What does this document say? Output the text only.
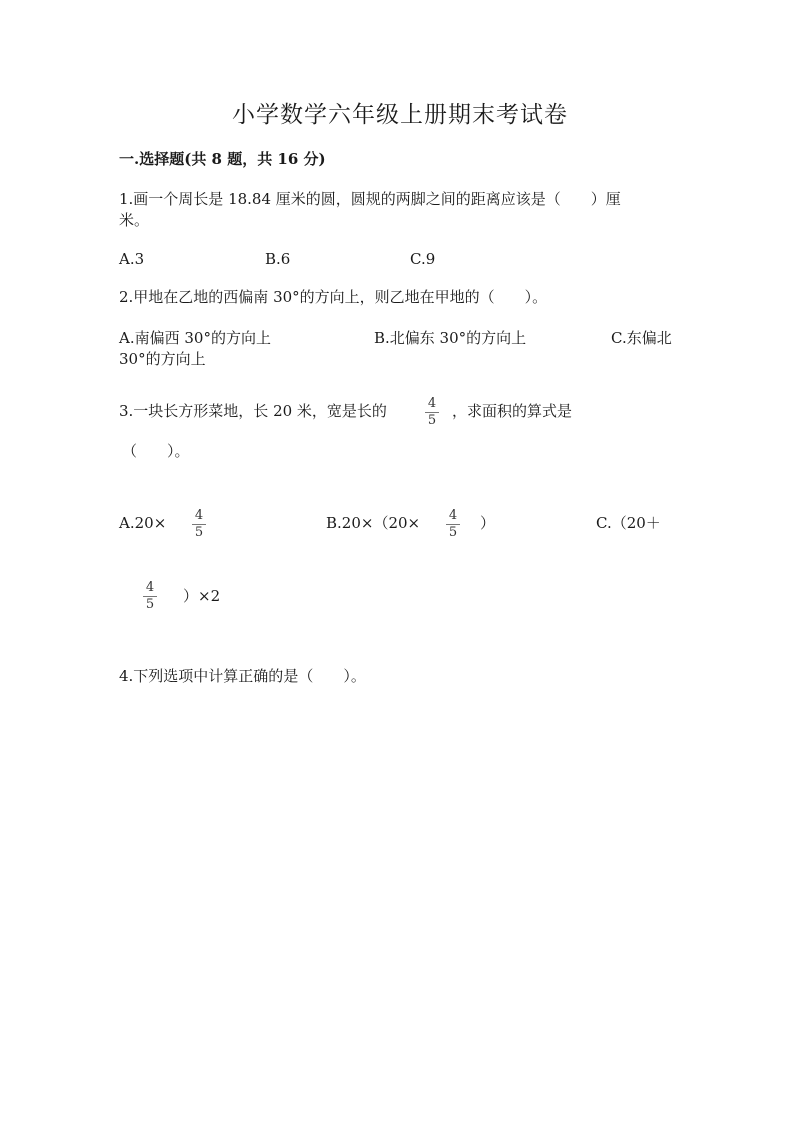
小学数学六年级上册期末考试卷
一.选择题(共 8 题，共 16 分)
1.画一个周长是 18.84 厘米的圆，圆规的两脚之间的距离应该是（　　）厘
米。
A.3	B.6	C.9
2.甲地在乙地的西偏南 30°的方向上，则乙地在甲地的（　　）。
A.南偏西 30°的方向上	B.北偏东 30°的方向上	C.东偏北
30°的方向上
3.一块长方形菜地，长 20 米，宽是长的	4
5
，求面积的算式是
（　　）。
A.20×	4
5
B.20×（20×	4
5
）	C.（20＋
4
5	）×2
4.下列选项中计算正确的是（　　）。
